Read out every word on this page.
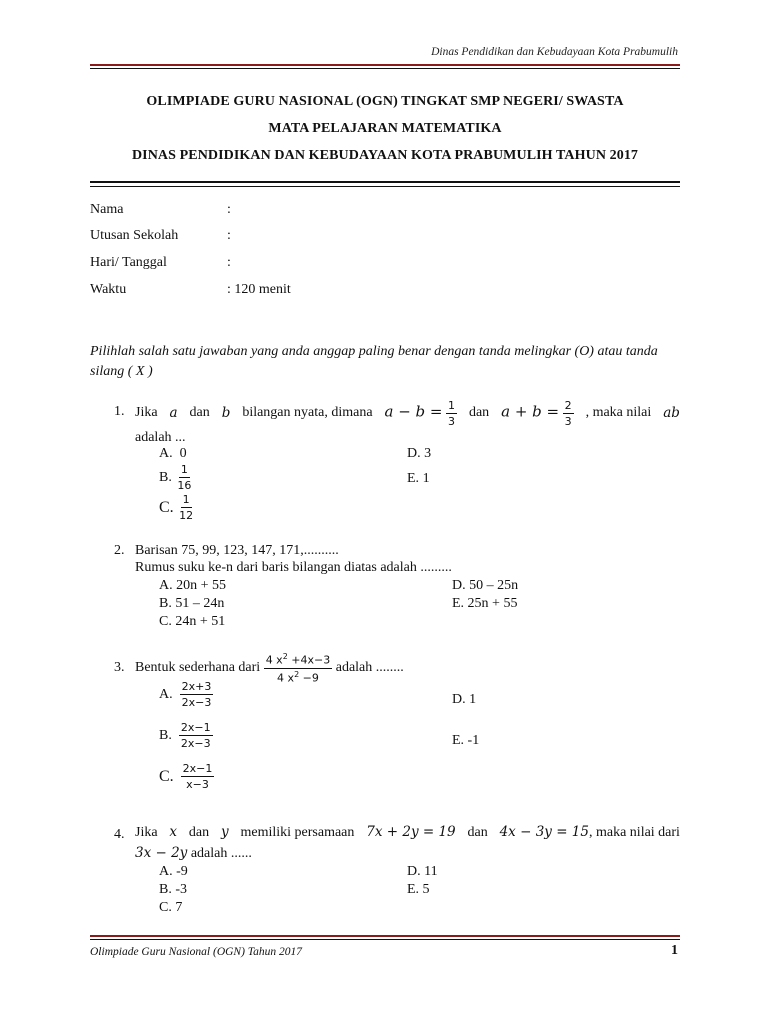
Dinas Pendidikan dan Kebudayaan Kota Prabumulih
OLIMPIADE GURU NASIONAL (OGN) TINGKAT SMP NEGERI/ SWASTA
MATA PELAJARAN MATEMATIKA
DINAS PENDIDIKAN DAN KEBUDAYAAN KOTA PRABUMULIH TAHUN 2017
Nama	:
Utusan Sekolah	:
Hari/ Tanggal	:
Waktu	: 120 menit
Pilihlah salah satu jawaban yang anda anggap paling benar dengan tanda melingkar (O) atau tanda silang ( X )
1. Jika a dan b bilangan nyata, dimana $a - b = \frac{1}{3}$ dan $a + b = \frac{2}{3}$ , maka nilai ab
adalah ...
A. 0
B.
$\frac{1}{16}$
C.
$\frac{1}{12}$
D. 3
E. 1
2. Barisan 75, 99, 123, 147, 171,..........
Rumus suku ke-n dari baris bilangan diatas adalah .........
A. 20n + 55
B. 51 – 24n
C. 24n + 51
D. 50 – 25n
E. 25n + 55
3. Bentuk sederhana dari
$\frac{4 x^2 +4x-3}{4 x^2 -9}$
adalah ........
A.
$\frac{2x+3}{2x-3}$
B.
$\frac{2x-1}{2x-3}$
C.
$\frac{2x-1}{x-3}$
D. 1
E. -1
4. Jika x dan y memiliki persamaan 7x + 2y = 19 dan 4x − 3y = 15, maka nilai dari
3x − 2y adalah ......
A. -9
B. -3
C. 7
D. 11
E. 5
Olimpiade Guru Nasional (OGN) Tahun 2017	1
